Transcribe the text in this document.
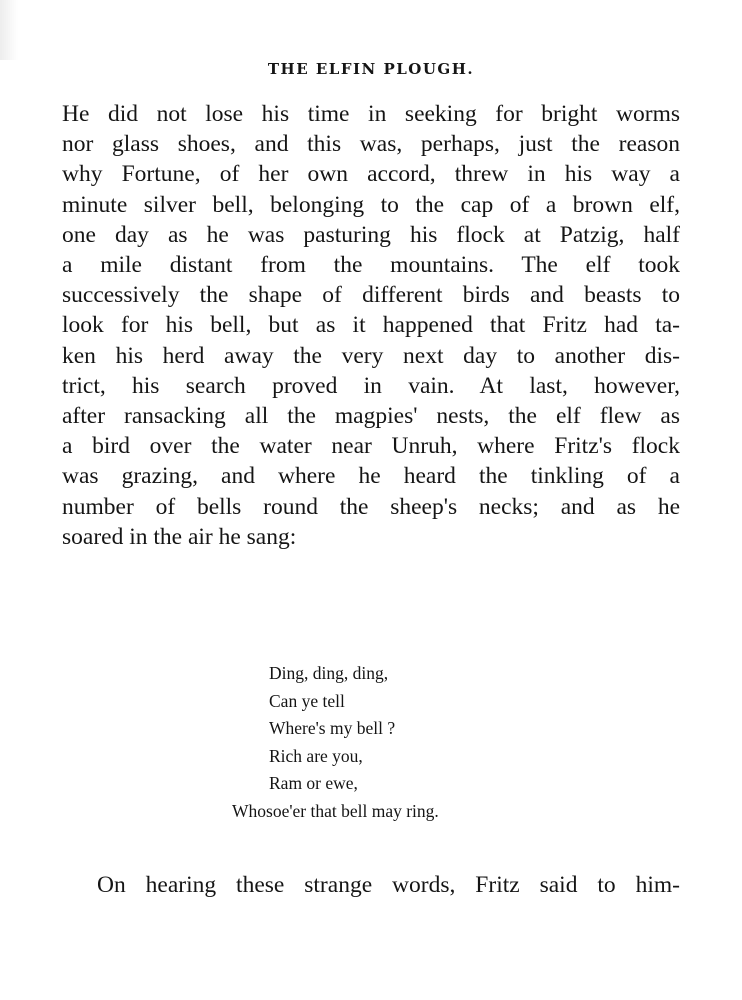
THE ELFIN PLOUGH.

He did not lose his time in seeking for bright worms
nor glass shoes, and this was, perhaps, just the reason
why Fortune, of her own accord, threw in his way a
minute silver bell, belonging to the cap of a brown elf,
one day as he was pasturing his flock at Patzig, half
a mile distant from the mountains. The elf took
successively the shape of different birds and beasts to
look for his bell, but as it happened that Fritz had ta-
ken his herd away the very next day to another dis-
trict, his search proved in vain. At last, however,
after ransacking all the magpies' nests, the elf flew as
a bird over the water near Unruh, where Fritz's flock
was grazing, and where he heard the tinkling of a
number of bells round the sheep's necks; and as he
soared in the air he sang:

Ding, ding, ding,
Can ye tell
Where's my bell ?
Rich are you,
Ram or ewe,
Whosoe'er that bell may ring.

On hearing these strange words, Fritz said to him-
